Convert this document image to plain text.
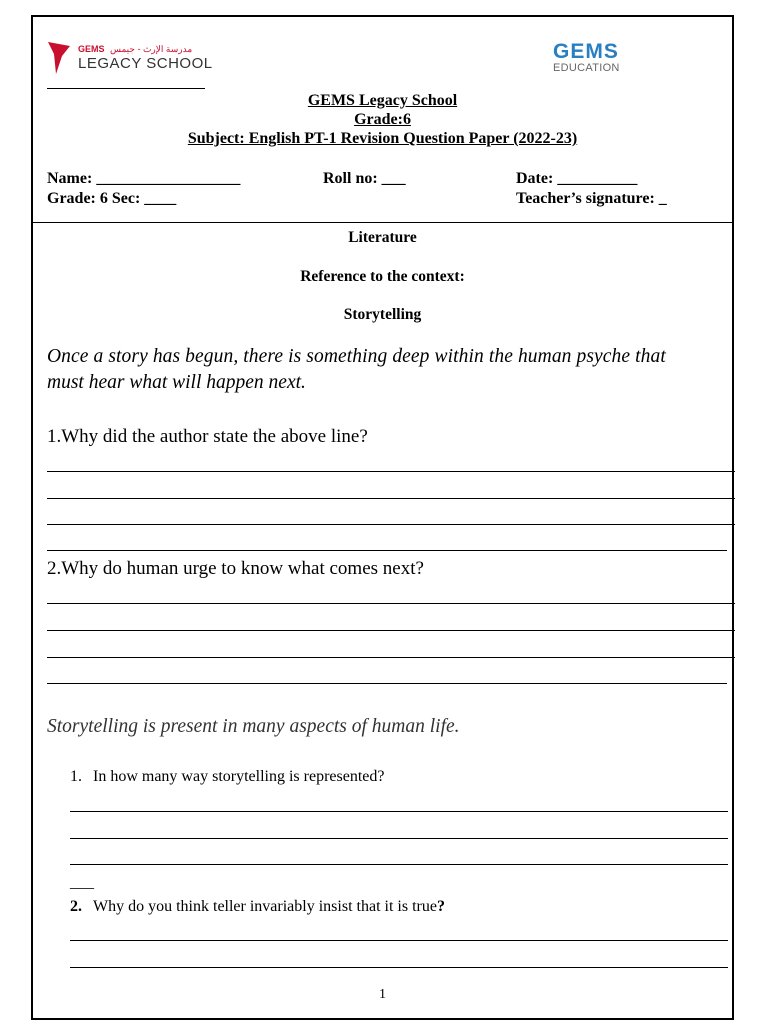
GEMS مدرسة الإرث - جيمس
LEGACY SCHOOL
GEMS
EDUCATION
GEMS Legacy School
Grade:6
Subject: English PT-1 Revision Question Paper (2022-23)
Name: __________________	Roll no: ___	Date: __________
Grade: 6 Sec: ____	Teacher’s signature: _
Literature
Reference to the context:
Storytelling
Once a story has begun, there is something deep within the human psyche that
must hear what will happen next.
1.Why did the author state the above line?
2.Why do human urge to know what comes next?
Storytelling is present in many aspects of human life.
1. In how many way storytelling is represented?
___
2. Why do you think teller invariably insist that it is true?
1
